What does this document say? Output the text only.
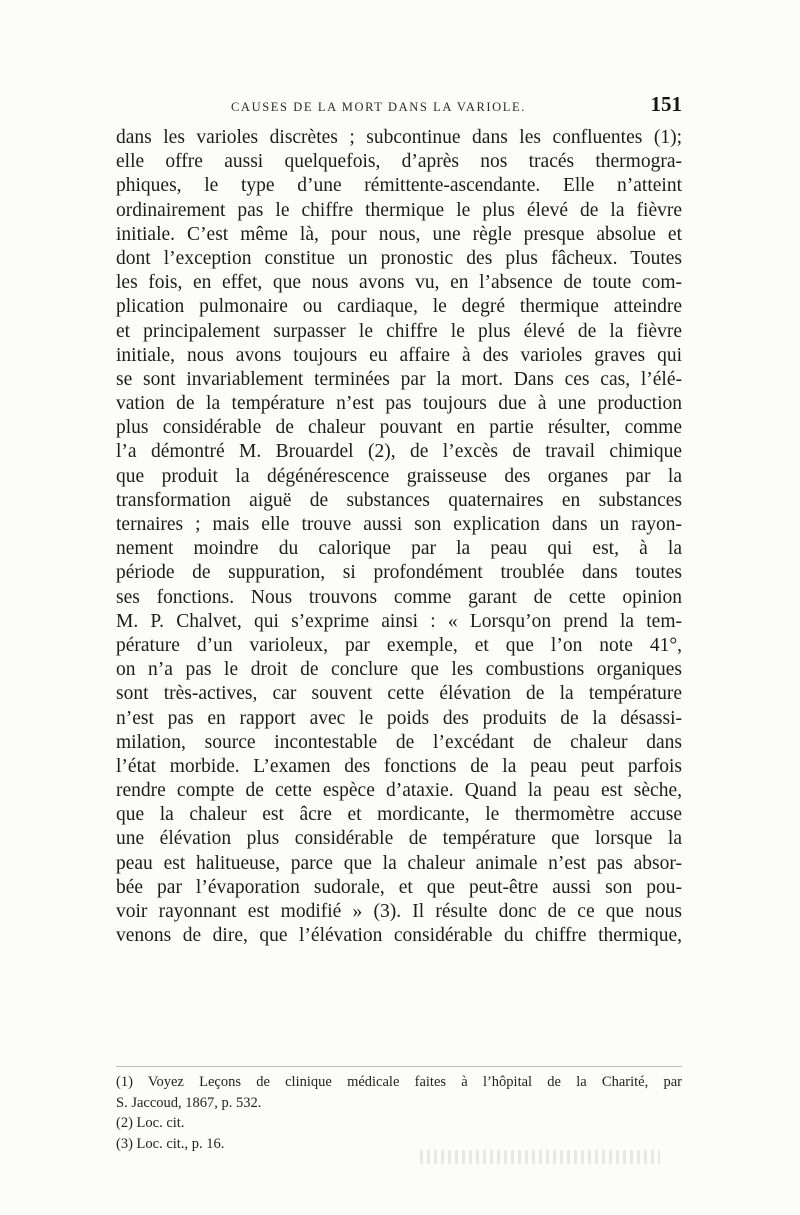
CAUSES DE LA MORT DANS LA VARIOLE.	151
dans les varioles discrètes ; subcontinue dans les confluentes (1);
elle offre aussi quelquefois, d’après nos tracés thermogra-
phiques, le type d’une rémittente-ascendante. Elle n’atteint
ordinairement pas le chiffre thermique le plus élevé de la fièvre
initiale. C’est même là, pour nous, une règle presque absolue et
dont l’exception constitue un pronostic des plus fâcheux. Toutes
les fois, en effet, que nous avons vu, en l’absence de toute com-
plication pulmonaire ou cardiaque, le degré thermique atteindre
et principalement surpasser le chiffre le plus élevé de la fièvre
initiale, nous avons toujours eu affaire à des varioles graves qui
se sont invariablement terminées par la mort. Dans ces cas, l’élé-
vation de la température n’est pas toujours due à une production
plus considérable de chaleur pouvant en partie résulter, comme
l’a démontré M. Brouardel (2), de l’excès de travail chimique
que produit la dégénérescence graisseuse des organes par la
transformation aiguë de substances quaternaires en substances
ternaires ; mais elle trouve aussi son explication dans un rayon-
nement moindre du calorique par la peau qui est, à la
période de suppuration, si profondément troublée dans toutes
ses fonctions. Nous trouvons comme garant de cette opinion
M. P. Chalvet, qui s’exprime ainsi : « Lorsqu’on prend la tem-
pérature d’un varioleux, par exemple, et que l’on note 41°,
on n’a pas le droit de conclure que les combustions organiques
sont très-actives, car souvent cette élévation de la température
n’est pas en rapport avec le poids des produits de la désassi-
milation, source incontestable de l’excédant de chaleur dans
l’état morbide. L’examen des fonctions de la peau peut parfois
rendre compte de cette espèce d’ataxie. Quand la peau est sèche,
que la chaleur est âcre et mordicante, le thermomètre accuse
une élévation plus considérable de température que lorsque la
peau est halitueuse, parce que la chaleur animale n’est pas absor-
bée par l’évaporation sudorale, et que peut-être aussi son pou-
voir rayonnant est modifié » (3). Il résulte donc de ce que nous
venons de dire, que l’élévation considérable du chiffre thermique,
(1) Voyez Leçons de clinique médicale faites à l’hôpital de la Charité, par
S. Jaccoud, 1867, p. 532.
(2) Loc. cit.
(3) Loc. cit., p. 16.
